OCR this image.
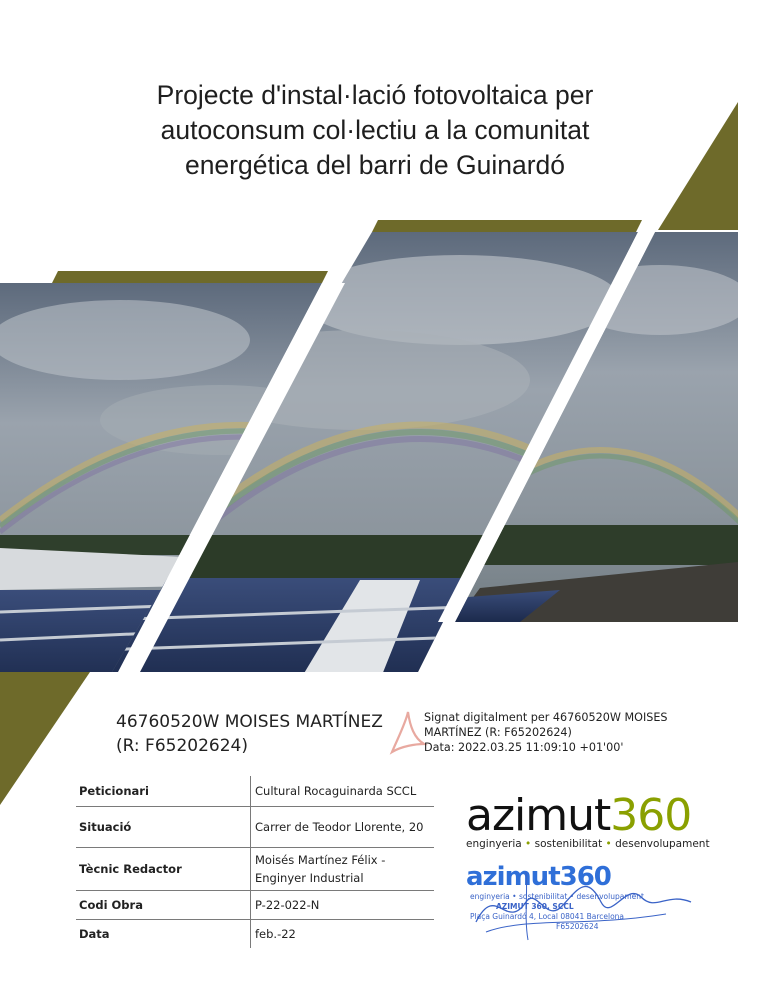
Projecte d'instal·lació fotovoltaica per
autoconsum col·lectiu a la comunitat
energética del barri de Guinardó
46760520W MOISES MARTÍNEZ
(R: F65202624)
Signat digitalment per 46760520W MOISES
MARTÍNEZ (R: F65202624)
Data: 2022.03.25 11:09:10 +01'00'
Peticionari	Cultural Rocaguinarda SCCL
Situació	Carrer de Teodor Llorente, 20
Tècnic Redactor	Moisés Martínez Félix - Enginyer Industrial
Codi Obra	P-22-022-N
Data	feb.-22
azimut360
enginyeria • sostenibilitat • desenvolupament
azimut360
enginyeria • sostenibilitat • desenvolupament
AZIMUT 360, SCCL
Plaça Guinardó 4, Local 08041 Barcelona
F65202624
